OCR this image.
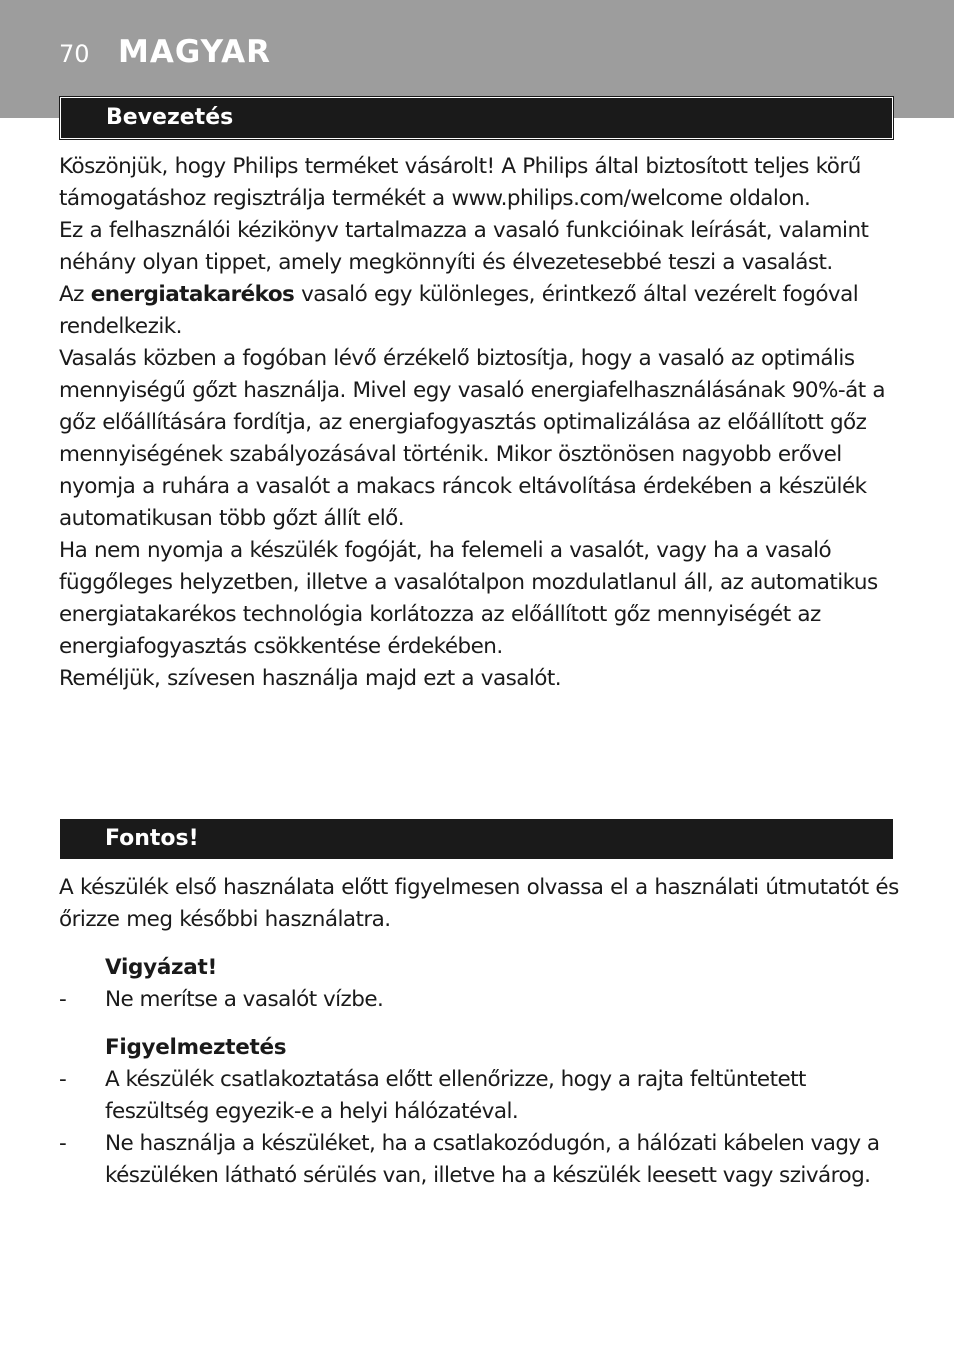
70 MAGYAR
Bevezetés

Köszönjük, hogy Philips terméket vásárolt! A Philips által biztosított teljes körű támogatáshoz regisztrálja termékét a www.philips.com/welcome oldalon.

Ez a felhasználói kézikönyv tartalmazza a vasaló funkcióinak leírását, valamint néhány olyan tippet, amely megkönnyíti és élvezetesebbé teszi a vasalást.

Az energiatakarékos vasaló egy különleges, érintkező által vezérelt fogóval rendelkezik.

Vasalás közben a fogóban lévő érzékelő biztosítja, hogy a vasaló az optimális mennyiségű gőzt használja. Mivel egy vasaló energiafelhasználásának 90%-át a gőz előállítására fordítja, az energiafogyasztás optimalizálása az előállított gőz mennyiségének szabályozásával történik. Mikor ösztönösen nagyobb erővel nyomja a ruhára a vasalót a makacs ráncok eltávolítása érdekében a készülék automatikusan több gőzt állít elő.

Ha nem nyomja a készülék fogóját, ha felemeli a vasalót, vagy ha a vasaló függőleges helyzetben, illetve a vasalótalpon mozdulatlanul áll, az automatikus energiatakarékos technológia korlátozza az előállított gőz mennyiségét az energiafogyasztás csökkentése érdekében.

Reméljük, szívesen használja majd ezt a vasalót.

Fontos!

A készülék első használata előtt figyelmesen olvassa el a használati útmutatót és őrizze meg későbbi használatra.

Vigyázat!
- Ne merítse a vasalót vízbe.
Figyelmeztetés
- A készülék csatlakoztatása előtt ellenőrizze, hogy a rajta feltüntetett feszültség egyezik-e a helyi hálózatéval.
- Ne használja a készüléket, ha a csatlakozódugón, a hálózati kábelen vagy a készüléken látható sérülés van, illetve ha a készülék leesett vagy szivárog.
